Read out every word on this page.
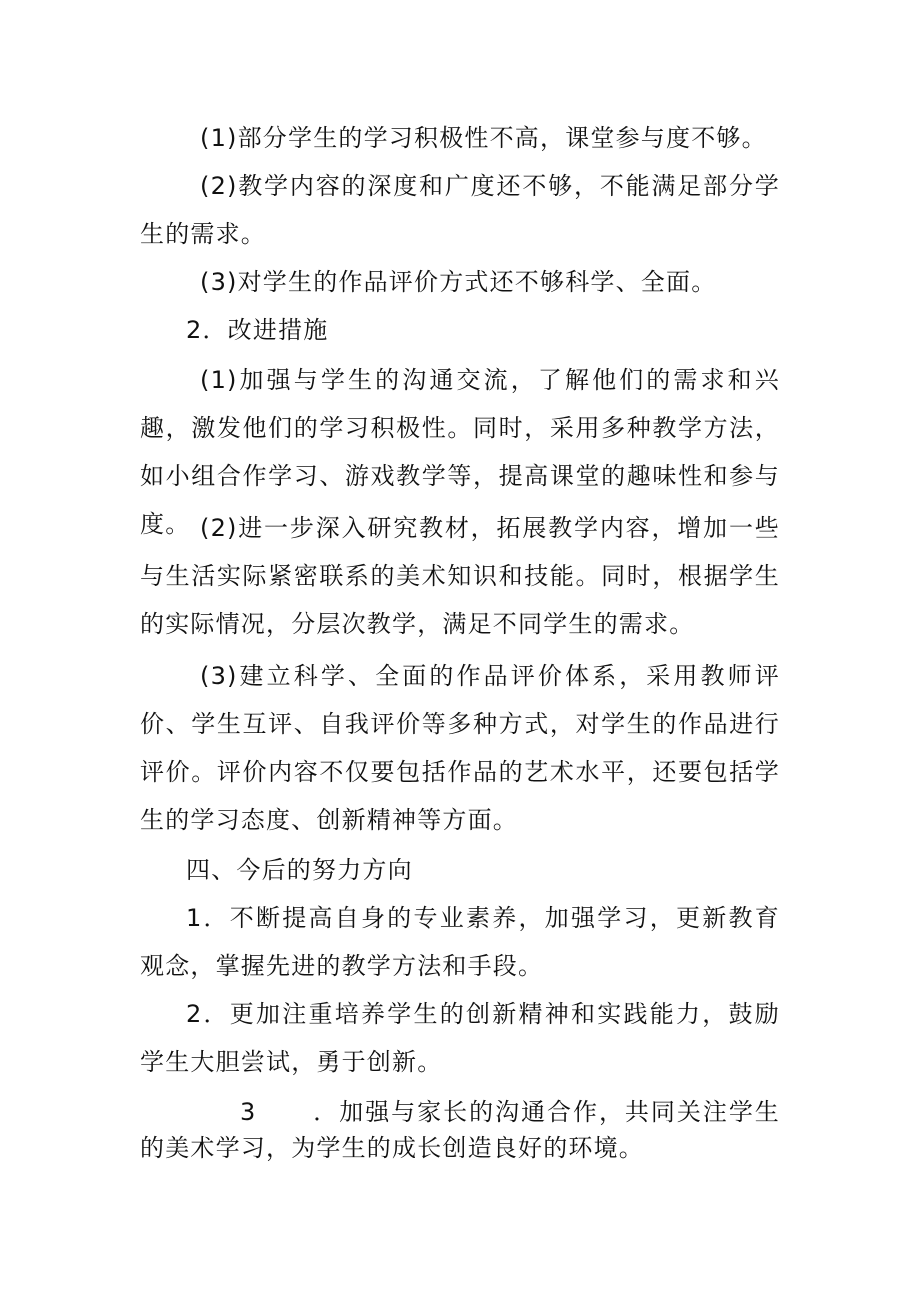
(1)部分学生的学习积极性不高，课堂参与度不够。

(2)教学内容的深度和广度还不够，不能满足部分学生的需求。

(3)对学生的作品评价方式还不够科学、全面。

2．改进措施

(1)加强与学生的沟通交流，了解他们的需求和兴趣，激发他们的学习积极性。同时，采用多种教学方法，如小组合作学习、游戏教学等，提高课堂的趣味性和参与度。 (2)进一步深入研究教材，拓展教学内容，增加一些与生活实际紧密联系的美术知识和技能。同时，根据学生的实际情况，分层次教学，满足不同学生的需求。

(3)建立科学、全面的作品评价体系，采用教师评价、学生互评、自我评价等多种方式，对学生的作品进行评价。评价内容不仅要包括作品的艺术水平，还要包括学生的学习态度、创新精神等方面。

四、今后的努力方向

1．不断提高自身的专业素养，加强学习，更新教育观念，掌握先进的教学方法和手段。

2．更加注重培养学生的创新精神和实践能力，鼓励学生大胆尝试，勇于创新。

3 ．加强与家长的沟通合作，共同关注学生的美术学习，为学生的成长创造良好的环境。
